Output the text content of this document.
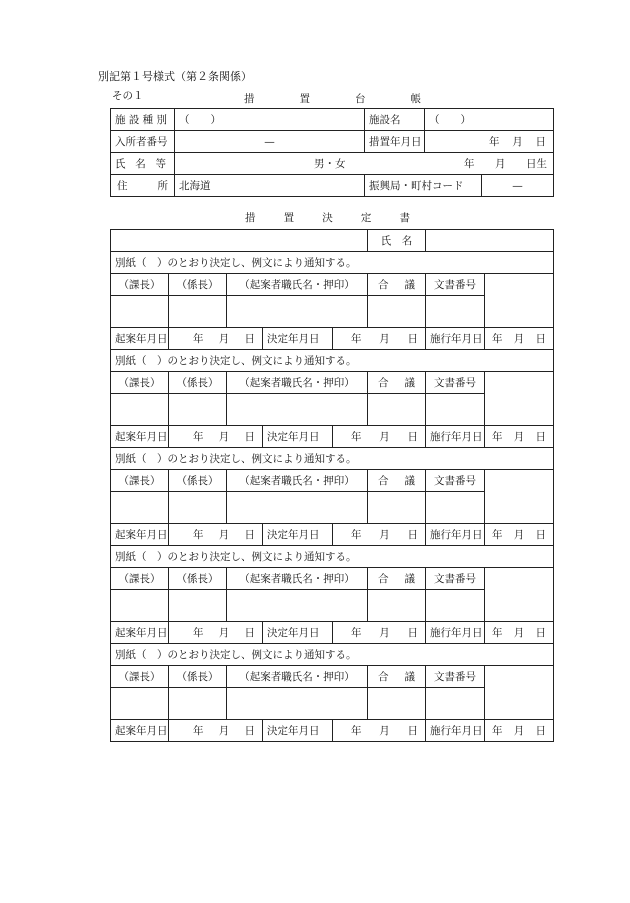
別記第１号様式（第２条関係）
その１	措	置	台	帳
施 設 種 別	（　　）	施設名	（　　）	
入所者番号	—	措置年月日	年 月 日	

氏 名 等	男・女 年 月 日生			

住 所	北海道	振興局・町村コード		—
措	置	決	定	書
					氏　名		
別紙（　）のとおり決定し、例文により通知する。							
（課長）	（係長）	（起案者職氏名・押印）			合 議	文書番号	

起案年月日	年 月 日		決定年月日	年 月 日		施行年月日	年 月 日

別紙（　）のとおり決定し、例文により通知する。							
（課長）	（係長）	（起案者職氏名・押印）			合 議	文書番号	

起案年月日	年 月 日		決定年月日	年 月 日		施行年月日	年 月 日

別紙（　）のとおり決定し、例文により通知する。							
（課長）	（係長）	（起案者職氏名・押印）			合 議	文書番号	

起案年月日	年 月 日		決定年月日	年 月 日		施行年月日	年 月 日

別紙（　）のとおり決定し、例文により通知する。							
（課長）	（係長）	（起案者職氏名・押印）			合 議	文書番号	

起案年月日	年 月 日		決定年月日	年 月 日		施行年月日	年 月 日

別紙（　）のとおり決定し、例文により通知する。							
（課長）	（係長）	（起案者職氏名・押印）			合 議	文書番号	

起案年月日	年 月 日		決定年月日	年 月 日		施行年月日	年 月 日
